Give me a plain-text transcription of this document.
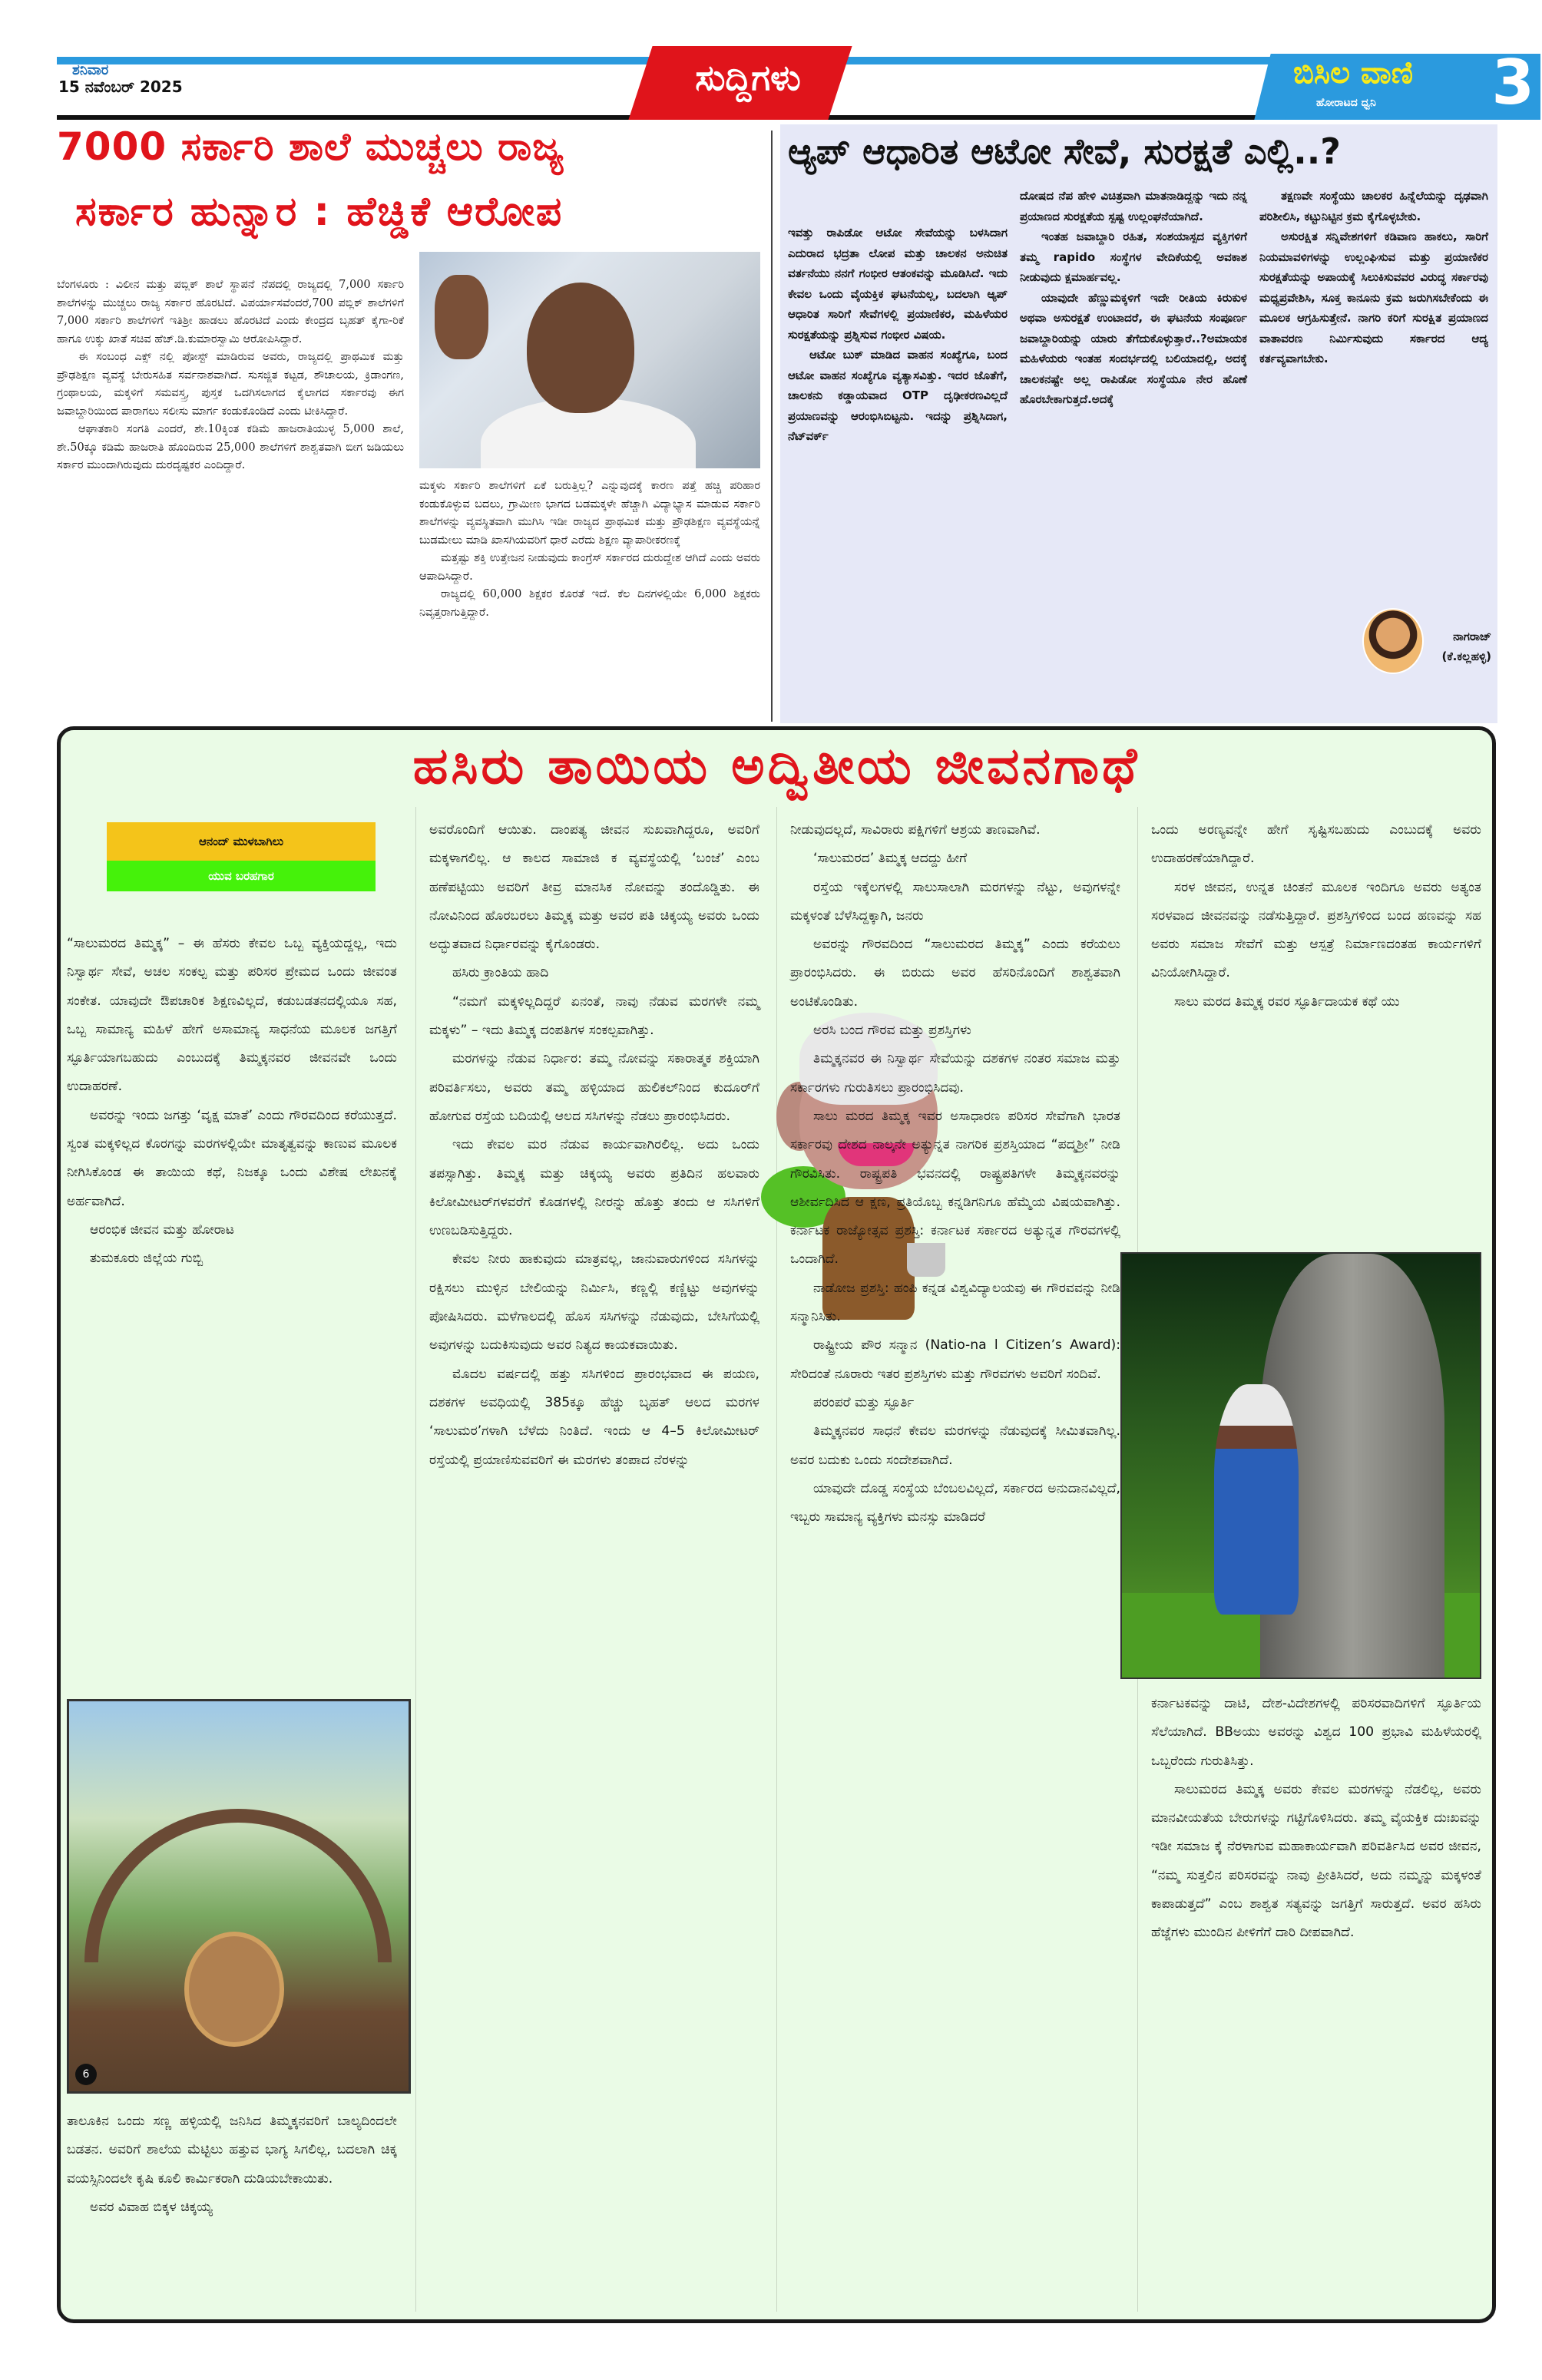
ಶನಿವಾರ
15 ನವೆಂಬರ್ 2025	ಸುದ್ದಿಗಳು	ಬಿಸಿಲ ವಾಣಿ
ಹೋರಾಟದ ಧ್ವನಿ 3
7000 ಸರ್ಕಾರಿ ಶಾಲೆ ಮುಚ್ಚಲು ರಾಜ್ಯ
ಸರ್ಕಾರ ಹುನ್ನಾರ : ಹೆಚ್ಡಿಕೆ ಆರೋಪ

ಬೆಂಗಳೂರು : ವಿಲೀನ ಮತ್ತು ಪಬ್ಲಿಕ್ ಶಾಲೆ ಸ್ಥಾಪನೆ ನೆಪದಲ್ಲಿ ರಾಜ್ಯದಲ್ಲಿ 7,000 ಸರ್ಕಾರಿ ಶಾಲೆಗಳನ್ನು ಮುಚ್ಚಲು ರಾಜ್ಯ ಸರ್ಕಾರ ಹೊರಟಿದೆ. ವಿಪರ್ಯಾಸವೆಂದರೆ,700 ಪಬ್ಲಿಕ್ ಶಾಲೆಗಳಿಗೆ 7,000 ಸರ್ಕಾರಿ ಶಾಲೆಗಳಿಗೆ ಇತಿಶ್ರೀ ಹಾಡಲು ಹೊರಟಿದೆ ಎಂದು ಕೇಂದ್ರದ ಬೃಹತ್ ಕೈಗಾ-ರಿಕೆ ಹಾಗೂ ಉಕ್ಕು ಖಾತೆ ಸಚಿವ ಹೆಚ್.ಡಿ.ಕುಮಾರಸ್ವಾಮಿ ಆರೋಪಿಸಿದ್ದಾರೆ.

ಈ ಸಂಬಂಧ ಎಕ್ಸ್ ನಲ್ಲಿ ಪೋಸ್ಟ್ ಮಾಡಿರುವ ಅವರು, ರಾಜ್ಯದಲ್ಲಿ ಪ್ರಾಥಮಿಕ ಮತ್ತು ಪ್ರೌಢಶಿಕ್ಷಣ ವ್ಯವಸ್ಥೆ ಬೇರುಸಹಿತ ಸರ್ವನಾಶವಾಗಿದೆ. ಸುಸಜ್ಜಿತ ಕಟ್ಟಡ, ಶೌಚಾಲಯ, ಕ್ರಿಡಾಂಗಣ, ಗ್ರಂಥಾಲಯ, ಮಕ್ಕಳಿಗೆ ಸಮವಸ್ತ್ರ, ಪುಸ್ತಕ ಒದಗಿಸಲಾಗದ ಕೈಲಾಗದ ಸರ್ಕಾರವು ಈಗ ಜವಾಬ್ದಾರಿಯಿಂದ ಪಾರಾಗಲು ಸಲೀಸು ಮಾರ್ಗ ಕಂಡುಕೊಂಡಿದೆ ಎಂದು ಟೀಕಿಸಿದ್ದಾರೆ.

ಆಘಾತಕಾರಿ ಸಂಗತಿ ಎಂದರೆ, ಶೇ.10ಕ್ಕಿಂತ ಕಡಿಮೆ ಹಾಜರಾತಿಯುಳ್ಳ 5,000 ಶಾಲೆ, ಶೇ.50ಕ್ಕೂ ಕಡಿಮೆ ಹಾಜರಾತಿ ಹೊಂದಿರುವ 25,000 ಶಾಲೆಗಳಿಗೆ ಶಾಶ್ವತವಾಗಿ ಬೀಗ ಜಡಿಯಲು ಸರ್ಕಾರ ಮುಂದಾಗಿರುವುದು ದುರದೃಷ್ಟಕರ ಎಂದಿದ್ದಾರೆ.

ಮಕ್ಕಳು ಸರ್ಕಾರಿ ಶಾಲೆಗಳಿಗೆ ಏಕೆ ಬರುತ್ತಿಲ್ಲ? ಎನ್ನುವುದಕ್ಕೆ ಕಾರಣ ಪತ್ತೆ ಹಚ್ಚಿ ಪರಿಹಾರ ಕಂಡುಕೊಳ್ಳುವ ಬದಲು, ಗ್ರಾಮೀಣ ಭಾಗದ ಬಡಮಕ್ಕಳೇ ಹೆಚ್ಚಾಗಿ ವಿದ್ಯಾಭ್ಯಾಸ ಮಾಡುವ ಸರ್ಕಾರಿ ಶಾಲೆಗಳನ್ನು ವ್ಯವಸ್ಥಿತವಾಗಿ ಮುಗಿಸಿ ಇಡೀ ರಾಜ್ಯದ ಪ್ರಾಥಮಿಕ ಮತ್ತು ಪ್ರೌಢಶಿಕ್ಷಣ ವ್ಯವಸ್ಥೆಯನ್ನೆ ಬುಡಮೇಲು ಮಾಡಿ ಖಾಸಗಿಯವರಿಗೆ ಧಾರೆ ಎರೆದು ಶಿಕ್ಷಣ ವ್ಯಾಪಾರೀಕರಣಕ್ಕೆ

ಮತ್ತಷ್ಟು ಶಕ್ತಿ ಉತ್ತೇಜನ ನೀಡುವುದು ಕಾಂಗ್ರೆಸ್ ಸರ್ಕಾರದ ದುರುದ್ದೇಶ ಆಗಿದೆ ಎಂದು ಅವರು ಆಪಾದಿಸಿದ್ದಾರೆ.

ರಾಜ್ಯದಲ್ಲಿ 60,000 ಶಿಕ್ಷಕರ ಕೊರತೆ ಇದೆ. ಕೆಲ ದಿನಗಳಲ್ಲಿಯೇ 6,000 ಶಿಕ್ಷಕರು ನಿವೃತ್ತರಾಗುತ್ತಿದ್ದಾರೆ.

ಆ್ಯಪ್ ಆಧಾರಿತ ಆಟೋ ಸೇವೆ, ಸುರಕ್ಷತೆ ಎಲ್ಲಿ..?

ಇವತ್ತು ರಾಪಿಡೋ ಆಟೋ ಸೇವೆಯನ್ನು ಬಳಸಿದಾಗ ಎದುರಾದ ಭದ್ರತಾ ಲೋಪ ಮತ್ತು ಚಾಲಕನ ಅನುಚಿತ ವರ್ತನೆಯು ನನಗೆ ಗಂಭೀರ ಆತಂಕವನ್ನು ಮೂಡಿಸಿದೆ. ಇದು ಕೇವಲ ಒಂದು ವೈಯಕ್ತಿಕ ಘಟನೆಯಲ್ಲ, ಬದಲಾಗಿ ಆ್ಯಪ್ ಆಧಾರಿತ ಸಾರಿಗೆ ಸೇವೆಗಳಲ್ಲಿ ಪ್ರಯಾಣಿಕರ, ಮಹಿಳೆಯರ ಸುರಕ್ಷತೆಯನ್ನು ಪ್ರಶ್ನಿಸುವ ಗಂಭೀರ ವಿಷಯ.

ಆಟೋ ಬುಕ್ ಮಾಡಿದ ವಾಹನ ಸಂಖ್ಯೆಗೂ, ಬಂದ ಆಟೋ ವಾಹನ ಸಂಖ್ಯೆಗೂ ವ್ಯತ್ಯಾಸವಿತ್ತು. ಇದರ ಜೊತೆಗೆ, ಚಾಲಕನು ಕಡ್ಡಾಯವಾದ OTP ದೃಢೀಕರಣವಿಲ್ಲದೆ ಪ್ರಯಾಣವನ್ನು ಆರಂಭಿಸಿಬಿಟ್ಟನು. ಇದನ್ನು ಪ್ರಶ್ನಿಸಿದಾಗ, ನೆಟ್‌ವರ್ಕ್

ದೋಷದ ನೆಪ ಹೇಳಿ ವಿಚಿತ್ರವಾಗಿ ಮಾತನಾಡಿದ್ದನ್ನು ಇದು ನನ್ನ ಪ್ರಯಾಣದ ಸುರಕ್ಷತೆಯ ಸ್ಪಷ್ಟ ಉಲ್ಲಂಘನೆಯಾಗಿದೆ.

ಇಂತಹ ಜವಾಬ್ದಾರಿ ರಹಿತ, ಸಂಶಯಾಸ್ಪದ ವ್ಯಕ್ತಿಗಳಿಗೆ ತಮ್ಮ rapido ಸಂಸ್ಥೆಗಳ ವೇದಿಕೆಯಲ್ಲಿ ಅವಕಾಶ ನೀಡುವುದು ಕ್ಷಮಾರ್ಹವಲ್ಲ.

ಯಾವುದೇ ಹೆಣ್ಣುಮಕ್ಕಳಿಗೆ ಇದೇ ರೀತಿಯ ಕಿರುಕುಳ ಅಥವಾ ಅಸುರಕ್ಷತೆ ಉಂಟಾದರೆ, ಈ ಘಟನೆಯ ಸಂಪೂರ್ಣ ಜವಾಬ್ದಾರಿಯನ್ನು ಯಾರು ತೆಗೆದುಕೊಳ್ಳುತ್ತಾರೆ..?ಅಮಾಯಕ ಮಹಿಳೆಯರು ಇಂತಹ ಸಂದರ್ಭದಲ್ಲಿ ಬಲಿಯಾದಲ್ಲಿ, ಅದಕ್ಕೆ ಚಾಲಕನಷ್ಟೇ ಅಲ್ಲ ರಾಪಿಡೋ ಸಂಸ್ಥೆಯೂ ನೇರ ಹೊಣೆ ಹೊರಬೇಕಾಗುತ್ತದೆ.ಅದಕ್ಕೆ

ತಕ್ಷಣವೇ ಸಂಸ್ಥೆಯು ಚಾಲಕರ ಹಿನ್ನೆಲೆಯನ್ನು ದೃಢವಾಗಿ ಪರಿಶೀಲಿಸಿ, ಕಟ್ಟುನಿಟ್ಟಿನ ಕ್ರಮ ಕೈಗೊಳ್ಳಬೇಕು.

ಅಸುರಕ್ಷಿತ ಸನ್ನಿವೇಶಗಳಿಗೆ ಕಡಿವಾಣ ಹಾಕಲು, ಸಾರಿಗೆ ನಿಯಮಾವಳಿಗಳನ್ನು ಉಲ್ಲಂಘಿಸುವ ಮತ್ತು ಪ್ರಯಾಣಿಕರ ಸುರಕ್ಷತೆಯನ್ನು ಅಪಾಯಕ್ಕೆ ಸಿಲುಕಿಸುವವರ ವಿರುದ್ಧ ಸರ್ಕಾರವು ಮಧ್ಯಪ್ರವೇಶಿಸಿ, ಸೂಕ್ತ ಕಾನೂನು ಕ್ರಮ ಜರುಗಿಸಬೇಕೆಂದು ಈ ಮೂಲಕ ಆಗ್ರಹಿಸುತ್ತೇನೆ. ನಾಗರಿ ಕರಿಗೆ ಸುರಕ್ಷಿತ ಪ್ರಯಾಣದ ವಾತಾವರಣ ನಿರ್ಮಿಸುವುದು ಸರ್ಕಾರದ ಆದ್ಯ ಕರ್ತವ್ಯವಾಗಬೇಕು.

ನಾಗರಾಜ್
(ಕೆ.ಕಲ್ಲಹಳ್ಳಿ)
ಹಸಿರು ತಾಯಿಯ ಅದ್ವಿತೀಯ ಜೀವನಗಾಥೆ
ಆನಂದ್ ಮುಳಬಾಗಿಲು
ಯುವ ಬರಹಗಾರ

“ಸಾಲುಮರದ ತಿಮ್ಮಕ್ಕ” – ಈ ಹೆಸರು ಕೇವಲ ಒಬ್ಬ ವ್ಯಕ್ತಿಯದ್ದಲ್ಲ, ಇದು ನಿಸ್ವಾರ್ಥ ಸೇವೆ, ಅಚಲ ಸಂಕಲ್ಪ ಮತ್ತು ಪರಿಸರ ಪ್ರೇಮದ ಒಂದು ಜೀವಂತ ಸಂಕೇತ. ಯಾವುದೇ ಔಪಚಾರಿಕ ಶಿಕ್ಷಣವಿಲ್ಲದೆ, ಕಡುಬಡತನದಲ್ಲಿಯೂ ಸಹ, ಒಬ್ಬ ಸಾಮಾನ್ಯ ಮಹಿಳೆ ಹೇಗೆ ಅಸಾಮಾನ್ಯ ಸಾಧನೆಯ ಮೂಲಕ ಜಗತ್ತಿಗೆ ಸ್ಫೂರ್ತಿಯಾಗಬಹುದು ಎಂಬುದಕ್ಕೆ ತಿಮ್ಮಕ್ಕನವರ ಜೀವನವೇ ಒಂದು ಉದಾಹರಣೆ.

ಅವರನ್ನು ಇಂದು ಜಗತ್ತು ‘ವೃಕ್ಷ ಮಾತೆ’ ಎಂದು ಗೌರವದಿಂದ ಕರೆಯುತ್ತದೆ. ಸ್ವಂತ ಮಕ್ಕಳಿಲ್ಲದ ಕೊರಗನ್ನು ಮರಗಳಲ್ಲಿಯೇ ಮಾತೃತ್ವವನ್ನು ಕಾಣುವ ಮೂಲಕ ನೀಗಿಸಿಕೊಂಡ ಈ ತಾಯಿಯ ಕಥೆ, ನಿಜಕ್ಕೂ ಒಂದು ವಿಶೇಷ ಲೇಖನಕ್ಕೆ ಅರ್ಹವಾಗಿದೆ.

ಆರಂಭಿಕ ಜೀವನ ಮತ್ತು ಹೋರಾಟ

ತುಮಕೂರು ಜಿಲ್ಲೆಯ ಗುಬ್ಬಿ

6

ತಾಲೂಕಿನ ಒಂದು ಸಣ್ಣ ಹಳ್ಳಿಯಲ್ಲಿ ಜನಿಸಿದ ತಿಮ್ಮಕ್ಕನವರಿಗೆ ಬಾಲ್ಯದಿಂದಲೇ ಬಡತನ. ಅವರಿಗೆ ಶಾಲೆಯ ಮೆಟ್ಟಿಲು ಹತ್ತುವ ಭಾಗ್ಯ ಸಿಗಲಿಲ್ಲ, ಬದಲಾಗಿ ಚಿಕ್ಕ ವಯಸ್ಸಿನಿಂದಲೇ ಕೃಷಿ ಕೂಲಿ ಕಾರ್ಮಿಕರಾಗಿ ದುಡಿಯಬೇಕಾಯಿತು.

ಅವರ ವಿವಾಹ ಬಿಕ್ಕಳ ಚಿಕ್ಕಯ್ಯ

ಅವರೊಂದಿಗೆ ಆಯಿತು. ದಾಂಪತ್ಯ ಜೀವನ ಸುಖವಾಗಿದ್ದರೂ, ಅವರಿಗೆ ಮಕ್ಕಳಾಗಲಿಲ್ಲ. ಆ ಕಾಲದ ಸಾಮಾಜಿ ಕ ವ್ಯವಸ್ಥೆಯಲ್ಲಿ ‘ಬಂಜೆ’ ಎಂಬ ಹಣೆಪಟ್ಟಿಯು ಅವರಿಗೆ ತೀವ್ರ ಮಾನಸಿಕ ನೋವನ್ನು ತಂದೊಡ್ಡಿತು. ಈ ನೋವಿನಿಂದ ಹೊರಬರಲು ತಿಮ್ಮಕ್ಕ ಮತ್ತು ಅವರ ಪತಿ ಚಿಕ್ಕಯ್ಯ ಅವರು ಒಂದು ಅದ್ಭುತವಾದ ನಿರ್ಧಾರವನ್ನು ಕೈಗೊಂಡರು.

ಹಸಿರು ಕ್ರಾಂತಿಯ ಹಾದಿ

“ನಮಗೆ ಮಕ್ಕಳಿಲ್ಲದಿದ್ದರೆ ಏನಂತೆ, ನಾವು ನೆಡುವ ಮರಗಳೇ ನಮ್ಮ ಮಕ್ಕಳು” – ಇದು ತಿಮ್ಮಕ್ಕ ದಂಪತಿಗಳ ಸಂಕಲ್ಪವಾಗಿತ್ತು.

ಮರಗಳನ್ನು ನೆಡುವ ನಿರ್ಧಾರ: ತಮ್ಮ ನೋವನ್ನು ಸಕಾರಾತ್ಮಕ ಶಕ್ತಿಯಾಗಿ ಪರಿವರ್ತಿಸಲು, ಅವರು ತಮ್ಮ ಹಳ್ಳಿಯಾದ ಹುಲಿಕಲ್‌ನಿಂದ ಕುದೂರ್‌ಗೆ ಹೋಗುವ ರಸ್ತೆಯ ಬದಿಯಲ್ಲಿ ಆಲದ ಸಸಿಗಳನ್ನು ನೆಡಲು ಪ್ರಾರಂಭಿಸಿದರು.

ಇದು ಕೇವಲ ಮರ ನೆಡುವ ಕಾರ್ಯವಾಗಿರಲಿಲ್ಲ. ಅದು ಒಂದು ತಪಸ್ಸಾಗಿತ್ತು. ತಿಮ್ಮಕ್ಕ ಮತ್ತು ಚಿಕ್ಕಯ್ಯ ಅವರು ಪ್ರತಿದಿನ ಹಲವಾರು ಕಿಲೋಮೀಟರ್‌ಗಳವರೆಗೆ ಕೊಡಗಳಲ್ಲಿ ನೀರನ್ನು ಹೊತ್ತು ತಂದು ಆ ಸಸಿಗಳಿಗೆ ಉಣಬಡಿಸುತ್ತಿದ್ದರು.

ಕೇವಲ ನೀರು ಹಾಕುವುದು ಮಾತ್ರವಲ್ಲ, ಜಾನುವಾರುಗಳಿಂದ ಸಸಿಗಳನ್ನು ರಕ್ಷಿಸಲು ಮುಳ್ಳಿನ ಬೇಲಿಯನ್ನು ನಿರ್ಮಿಸಿ, ಕಣ್ಣಲ್ಲಿ ಕಣ್ಣಿಟ್ಟು ಅವುಗಳನ್ನು ಪೋಷಿಸಿದರು. ಮಳೆಗಾಲದಲ್ಲಿ ಹೊಸ ಸಸಿಗಳನ್ನು ನೆಡುವುದು, ಬೇಸಿಗೆಯಲ್ಲಿ ಅವುಗಳನ್ನು ಬದುಕಿಸುವುದು ಅವರ ನಿತ್ಯದ ಕಾಯಕವಾಯಿತು.

ಮೊದಲ ವರ್ಷದಲ್ಲಿ ಹತ್ತು ಸಸಿಗಳಿಂದ ಪ್ರಾರಂಭವಾದ ಈ ಪಯಣ, ದಶಕಗಳ ಅವಧಿಯಲ್ಲಿ 385ಕ್ಕೂ ಹೆಚ್ಚು ಬೃಹತ್ ಆಲದ ಮರಗಳ ‘ಸಾಲುಮರ’ಗಳಾಗಿ ಬೆಳೆದು ನಿಂತಿದೆ. ಇಂದು ಆ 4–5 ಕಿಲೋಮೀಟರ್ ರಸ್ತೆಯಲ್ಲಿ ಪ್ರಯಾಣಿಸುವವರಿಗೆ ಈ ಮರಗಳು ತಂಪಾದ ನೆರಳನ್ನು

ನೀಡುವುದಲ್ಲದೆ, ಸಾವಿರಾರು ಪಕ್ಷಿಗಳಿಗೆ ಆಶ್ರಯ ತಾಣವಾಗಿವೆ.

‘ಸಾಲುಮರದ’ ತಿಮ್ಮಕ್ಕ ಆದದ್ದು ಹೀಗೆ

ರಸ್ತೆಯ ಇಕ್ಕೆಲಗಳಲ್ಲಿ ಸಾಲುಸಾಲಾಗಿ ಮರಗಳನ್ನು ನೆಟ್ಟು, ಅವುಗಳನ್ನೇ ಮಕ್ಕಳಂತೆ ಬೆಳೆಸಿದ್ದಕ್ಕಾಗಿ, ಜನರು

ಅವರನ್ನು ಗೌರವದಿಂದ “ಸಾಲುಮರದ ತಿಮ್ಮಕ್ಕ” ಎಂದು ಕರೆಯಲು ಪ್ರಾರಂಭಿಸಿದರು. ಈ ಬಿರುದು ಅವರ ಹೆಸರಿನೊಂದಿಗೆ ಶಾಶ್ವತವಾಗಿ ಅಂಟಿಕೊಂಡಿತು.

ಅರಸಿ ಬಂದ ಗೌರವ ಮತ್ತು ಪ್ರಶಸ್ತಿಗಳು

ತಿಮ್ಮಕ್ಕನವರ ಈ ನಿಸ್ವಾರ್ಥ ಸೇವೆಯನ್ನು ದಶಕಗಳ ನಂತರ ಸಮಾಜ ಮತ್ತು ಸರ್ಕಾರಗಳು ಗುರುತಿಸಲು ಪ್ರಾರಂಭಿಸಿದವು.

ಸಾಲು ಮರದ ತಿಮ್ಮಕ್ಕ ಇವರ ಅಸಾಧಾರಣ ಪರಿಸರ ಸೇವೆಗಾಗಿ ಭಾರತ ಸರ್ಕಾರವು ದೇಶದ ನಾಲ್ಕನೇ ಅತ್ಯುನ್ನತ ನಾಗರಿಕ ಪ್ರಶಸ್ತಿಯಾದ “ಪದ್ಮಶ್ರೀ” ನೀಡಿ ಗೌರವಿಸಿತು. ರಾಷ್ಟ್ರಪತಿ ಭವನದಲ್ಲಿ ರಾಷ್ಟ್ರಪತಿಗಳೇ ತಿಮ್ಮಕ್ಕನವರನ್ನು ಆಶೀರ್ವದಿಸಿದ ಆ ಕ್ಷಣ, ಪ್ರತಿಯೊಬ್ಬ ಕನ್ನಡಿಗನಿಗೂ ಹೆಮ್ಮೆಯ ವಿಷಯವಾಗಿತ್ತು. ಕರ್ನಾಟಕ ರಾಜ್ಯೋತ್ಸವ ಪ್ರಶಸ್ತಿ: ಕರ್ನಾಟಕ ಸರ್ಕಾರದ ಅತ್ಯುನ್ನತ ಗೌರವಗಳಲ್ಲಿ ಒಂದಾಗಿದೆ.

ನಾಡೋಜ ಪ್ರಶಸ್ತಿ: ಹಂಪಿ ಕನ್ನಡ ವಿಶ್ವವಿದ್ಯಾಲಯವು ಈ ಗೌರವವನ್ನು ನೀಡಿ ಸನ್ಮಾನಿಸಿತು.

ರಾಷ್ಟ್ರೀಯ ಪೌರ ಸನ್ಮಾನ (Natio-na l Citizen’s Award): ಸೇರಿದಂತೆ ನೂರಾರು ಇತರ ಪ್ರಶಸ್ತಿಗಳು ಮತ್ತು ಗೌರವಗಳು ಅವರಿಗೆ ಸಂದಿವೆ.

ಪರಂಪರೆ ಮತ್ತು ಸ್ಫೂರ್ತಿ

ತಿಮ್ಮಕ್ಕನವರ ಸಾಧನೆ ಕೇವಲ ಮರಗಳನ್ನು ನೆಡುವುದಕ್ಕೆ ಸೀಮಿತವಾಗಿಲ್ಲ. ಅವರ ಬದುಕು ಒಂದು ಸಂದೇಶವಾಗಿದೆ.

ಯಾವುದೇ ದೊಡ್ಡ ಸಂಸ್ಥೆಯ ಬೆಂಬಲವಿಲ್ಲದೆ, ಸರ್ಕಾರದ ಅನುದಾನವಿಲ್ಲದೆ, ಇಬ್ಬರು ಸಾಮಾನ್ಯ ವ್ಯಕ್ತಿಗಳು ಮನಸ್ಸು ಮಾಡಿದರೆ

ಒಂದು ಅರಣ್ಯವನ್ನೇ ಹೇಗೆ ಸೃಷ್ಟಿಸಬಹುದು ಎಂಬುದಕ್ಕೆ ಅವರು ಉದಾಹರಣೆಯಾಗಿದ್ದಾರೆ.

ಸರಳ ಜೀವನ, ಉನ್ನತ ಚಿಂತನೆ ಮೂಲಕ ಇಂದಿಗೂ ಅವರು ಅತ್ಯಂತ ಸರಳವಾದ ಜೀವನವನ್ನು ನಡೆಸುತ್ತಿದ್ದಾರೆ. ಪ್ರಶಸ್ತಿಗಳಿಂದ ಬಂದ ಹಣವನ್ನು ಸಹ ಅವರು ಸಮಾಜ ಸೇವೆಗೆ ಮತ್ತು ಆಸ್ಪತ್ರೆ ನಿರ್ಮಾಣದಂತಹ ಕಾರ್ಯಗಳಿಗೆ ವಿನಿಯೋಗಿಸಿದ್ದಾರೆ.

ಸಾಲು ಮರದ ತಿಮ್ಮಕ್ಕ ರವರ ಸ್ಫೂರ್ತಿದಾಯಕ ಕಥೆ ಯು

ಕರ್ನಾಟಕವನ್ನು ದಾಟಿ, ದೇಶ-ವಿದೇಶಗಳಲ್ಲಿ ಪರಿಸರವಾದಿಗಳಿಗೆ ಸ್ಫೂರ್ತಿಯ ಸೆಲೆಯಾಗಿದೆ. BBಅಯು ಅವರನ್ನು ವಿಶ್ವದ 100 ಪ್ರಭಾವಿ ಮಹಿಳೆಯರಲ್ಲಿ ಒಬ್ಬರೆಂದು ಗುರುತಿಸಿತ್ತು.

ಸಾಲುಮರದ ತಿಮ್ಮಕ್ಕ ಅವರು ಕೇವಲ ಮರಗಳನ್ನು ನೆಡಲಿಲ್ಲ, ಅವರು ಮಾನವೀಯತೆಯ ಬೇರುಗಳನ್ನು ಗಟ್ಟಿಗೊಳಿಸಿದರು. ತಮ್ಮ ವೈಯಕ್ತಿಕ ದುಃಖವನ್ನು ಇಡೀ ಸಮಾಜ ಕ್ಕೆ ನೆರಳಾಗುವ ಮಹಾಕಾರ್ಯವಾಗಿ ಪರಿವರ್ತಿಸಿದ ಅವರ ಜೀವನ, “ನಮ್ಮ ಸುತ್ತಲಿನ ಪರಿಸರವನ್ನು ನಾವು ಪ್ರೀತಿಸಿದರೆ, ಅದು ನಮ್ಮನ್ನು ಮಕ್ಕಳಂತೆ ಕಾಪಾಡುತ್ತದೆ” ಎಂಬ ಶಾಶ್ವತ ಸತ್ಯವನ್ನು ಜಗತ್ತಿಗೆ ಸಾರುತ್ತದೆ. ಅವರ ಹಸಿರು ಹೆಜ್ಜೆಗಳು ಮುಂದಿನ ಪೀಳಿಗೆಗೆ ದಾರಿ ದೀಪವಾಗಿದೆ.
